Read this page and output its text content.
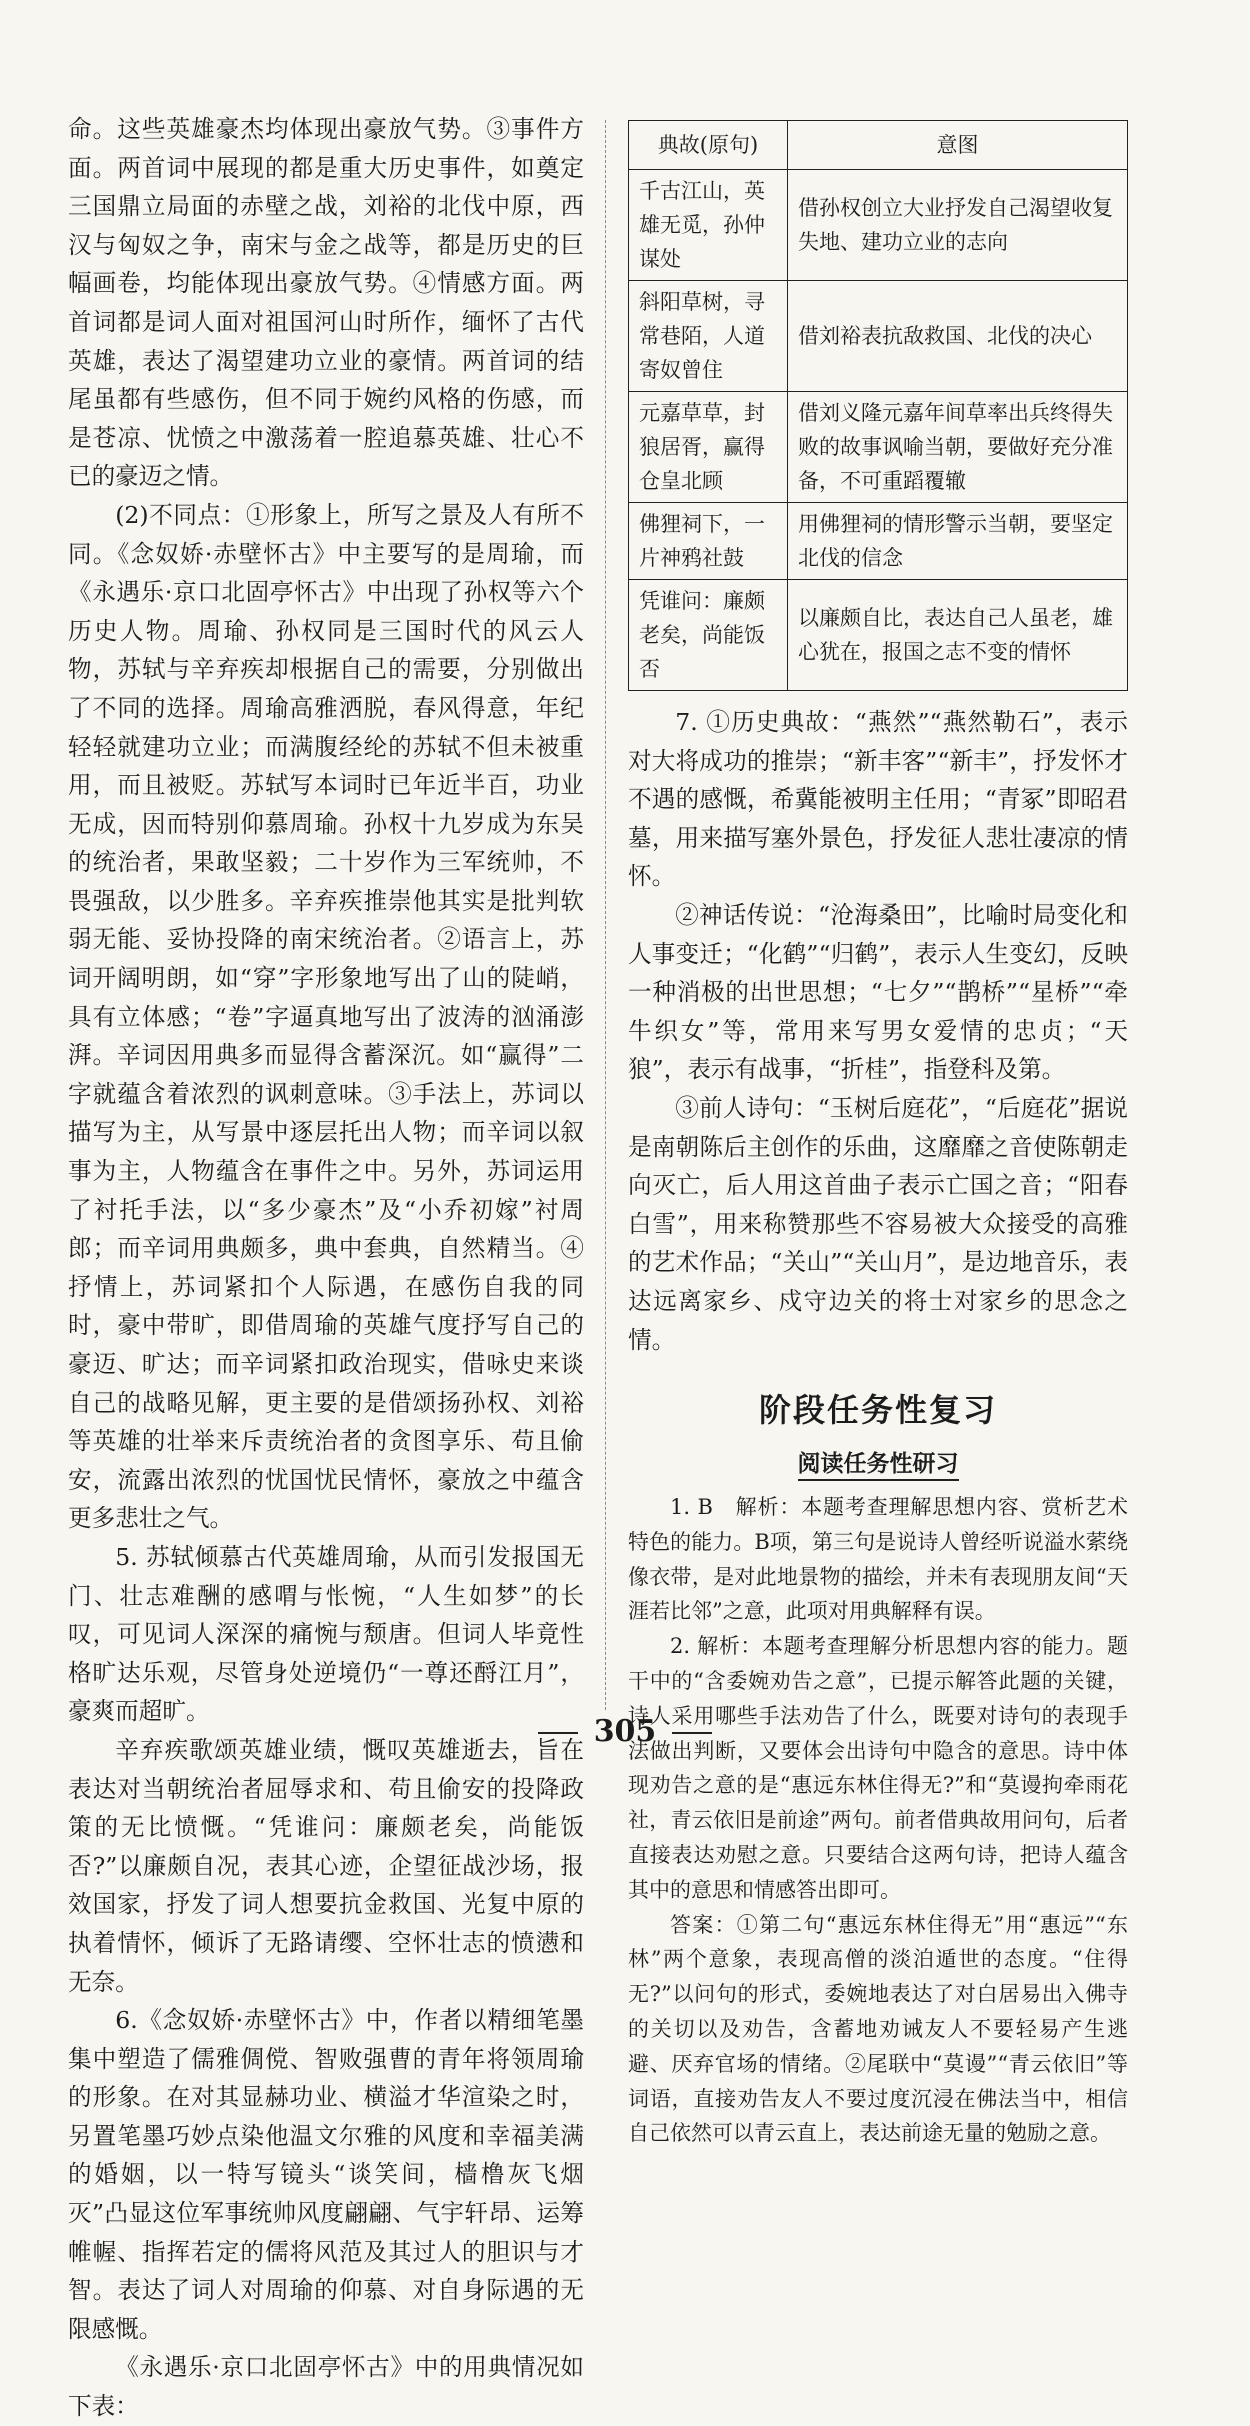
命。这些英雄豪杰均体现出豪放气势。③事件方面。两首词中展现的都是重大历史事件，如奠定三国鼎立局面的赤壁之战，刘裕的北伐中原，西汉与匈奴之争，南宋与金之战等，都是历史的巨幅画卷，均能体现出豪放气势。④情感方面。两首词都是词人面对祖国河山时所作，缅怀了古代英雄，表达了渴望建功立业的豪情。两首词的结尾虽都有些感伤，但不同于婉约风格的伤感，而是苍凉、忧愤之中激荡着一腔追慕英雄、壮心不已的豪迈之情。

(2)不同点：①形象上，所写之景及人有所不同。《念奴娇·赤壁怀古》中主要写的是周瑜，而《永遇乐·京口北固亭怀古》中出现了孙权等六个历史人物。周瑜、孙权同是三国时代的风云人物，苏轼与辛弃疾却根据自己的需要，分别做出了不同的选择。周瑜高雅洒脱，春风得意，年纪轻轻就建功立业；而满腹经纶的苏轼不但未被重用，而且被贬。苏轼写本词时已年近半百，功业无成，因而特别仰慕周瑜。孙权十九岁成为东吴的统治者，果敢坚毅；二十岁作为三军统帅，不畏强敌，以少胜多。辛弃疾推崇他其实是批判软弱无能、妥协投降的南宋统治者。②语言上，苏词开阔明朗，如“穿”字形象地写出了山的陡峭，具有立体感；“卷”字逼真地写出了波涛的汹涌澎湃。辛词因用典多而显得含蓄深沉。如“赢得”二字就蕴含着浓烈的讽刺意味。③手法上，苏词以描写为主，从写景中逐层托出人物；而辛词以叙事为主，人物蕴含在事件之中。另外，苏词运用了衬托手法，以“多少豪杰”及“小乔初嫁”衬周郎；而辛词用典颇多，典中套典，自然精当。④抒情上，苏词紧扣个人际遇，在感伤自我的同时，豪中带旷，即借周瑜的英雄气度抒写自己的豪迈、旷达；而辛词紧扣政治现实，借咏史来谈自己的战略见解，更主要的是借颂扬孙权、刘裕等英雄的壮举来斥责统治者的贪图享乐、苟且偷安，流露出浓烈的忧国忧民情怀，豪放之中蕴含更多悲壮之气。

5. 苏轼倾慕古代英雄周瑜，从而引发报国无门、壮志难酬的感喟与怅惋，“人生如梦”的长叹，可见词人深深的痛惋与颓唐。但词人毕竟性格旷达乐观，尽管身处逆境仍“一尊还酹江月”，豪爽而超旷。

辛弃疾歌颂英雄业绩，慨叹英雄逝去，旨在表达对当朝统治者屈辱求和、苟且偷安的投降政策的无比愤慨。“凭谁问：廉颇老矣，尚能饭否?”以廉颇自况，表其心迹，企望征战沙场，报效国家，抒发了词人想要抗金救国、光复中原的执着情怀，倾诉了无路请缨、空怀壮志的愤懑和无奈。

6.《念奴娇·赤壁怀古》中，作者以精细笔墨集中塑造了儒雅倜傥、智败强曹的青年将领周瑜的形象。在对其显赫功业、横溢才华渲染之时，另置笔墨巧妙点染他温文尔雅的风度和幸福美满的婚姻，以一特写镜头“谈笑间，樯橹灰飞烟灭”凸显这位军事统帅风度翩翩、气宇轩昂、运筹帷幄、指挥若定的儒将风范及其过人的胆识与才智。表达了词人对周瑜的仰慕、对自身际遇的无限感慨。

《永遇乐·京口北固亭怀古》中的用典情况如下表：

典故(原句)	意图
千古江山，英雄无觅，孙仲谋处	借孙权创立大业抒发自己渴望收复失地、建功立业的志向
斜阳草树，寻常巷陌，人道寄奴曾住	借刘裕表抗敌救国、北伐的决心
元嘉草草，封狼居胥，赢得仓皇北顾	借刘义隆元嘉年间草率出兵终得失败的故事讽喻当朝，要做好充分准备，不可重蹈覆辙
佛狸祠下，一片神鸦社鼓	用佛狸祠的情形警示当朝，要坚定北伐的信念
凭谁问：廉颇老矣，尚能饭否	以廉颇自比，表达自己人虽老，雄心犹在，报国之志不变的情怀

7. ①历史典故：“燕然”“燕然勒石”，表示对大将成功的推崇；“新丰客”“新丰”，抒发怀才不遇的感慨，希冀能被明主任用；“青冢”即昭君墓，用来描写塞外景色，抒发征人悲壮凄凉的情怀。

②神话传说：“沧海桑田”，比喻时局变化和人事变迁；“化鹤”“归鹤”，表示人生变幻，反映一种消极的出世思想；“七夕”“鹊桥”“星桥”“牵牛织女”等，常用来写男女爱情的忠贞；“天狼”，表示有战事，“折桂”，指登科及第。

③前人诗句：“玉树后庭花”，“后庭花”据说是南朝陈后主创作的乐曲，这靡靡之音使陈朝走向灭亡，后人用这首曲子表示亡国之音；“阳春白雪”，用来称赞那些不容易被大众接受的高雅的艺术作品；“关山”“关山月”，是边地音乐，表达远离家乡、戍守边关的将士对家乡的思念之情。

阶段任务性复习
阅读任务性研习

1. B　解析：本题考查理解思想内容、赏析艺术特色的能力。B项，第三句是说诗人曾经听说溢水萦绕像衣带，是对此地景物的描绘，并未有表现朋友间“天涯若比邻”之意，此项对用典解释有误。

2. 解析：本题考查理解分析思想内容的能力。题干中的“含委婉劝告之意”，已提示解答此题的关键，诗人采用哪些手法劝告了什么，既要对诗句的表现手法做出判断，又要体会出诗句中隐含的意思。诗中体现劝告之意的是“惠远东林住得无?”和“莫谩拘牵雨花社，青云依旧是前途”两句。前者借典故用问句，后者直接表达劝慰之意。只要结合这两句诗，把诗人蕴含其中的意思和情感答出即可。

答案：①第二句“惠远东林住得无”用“惠远”“东林”两个意象，表现高僧的淡泊遁世的态度。“住得无?”以问句的形式，委婉地表达了对白居易出入佛寺的关切以及劝告，含蓄地劝诫友人不要轻易产生逃避、厌弃官场的情绪。②尾联中“莫谩”“青云依旧”等词语，直接劝告友人不要过度沉浸在佛法当中，相信自己依然可以青云直上，表达前途无量的勉励之意。

305
